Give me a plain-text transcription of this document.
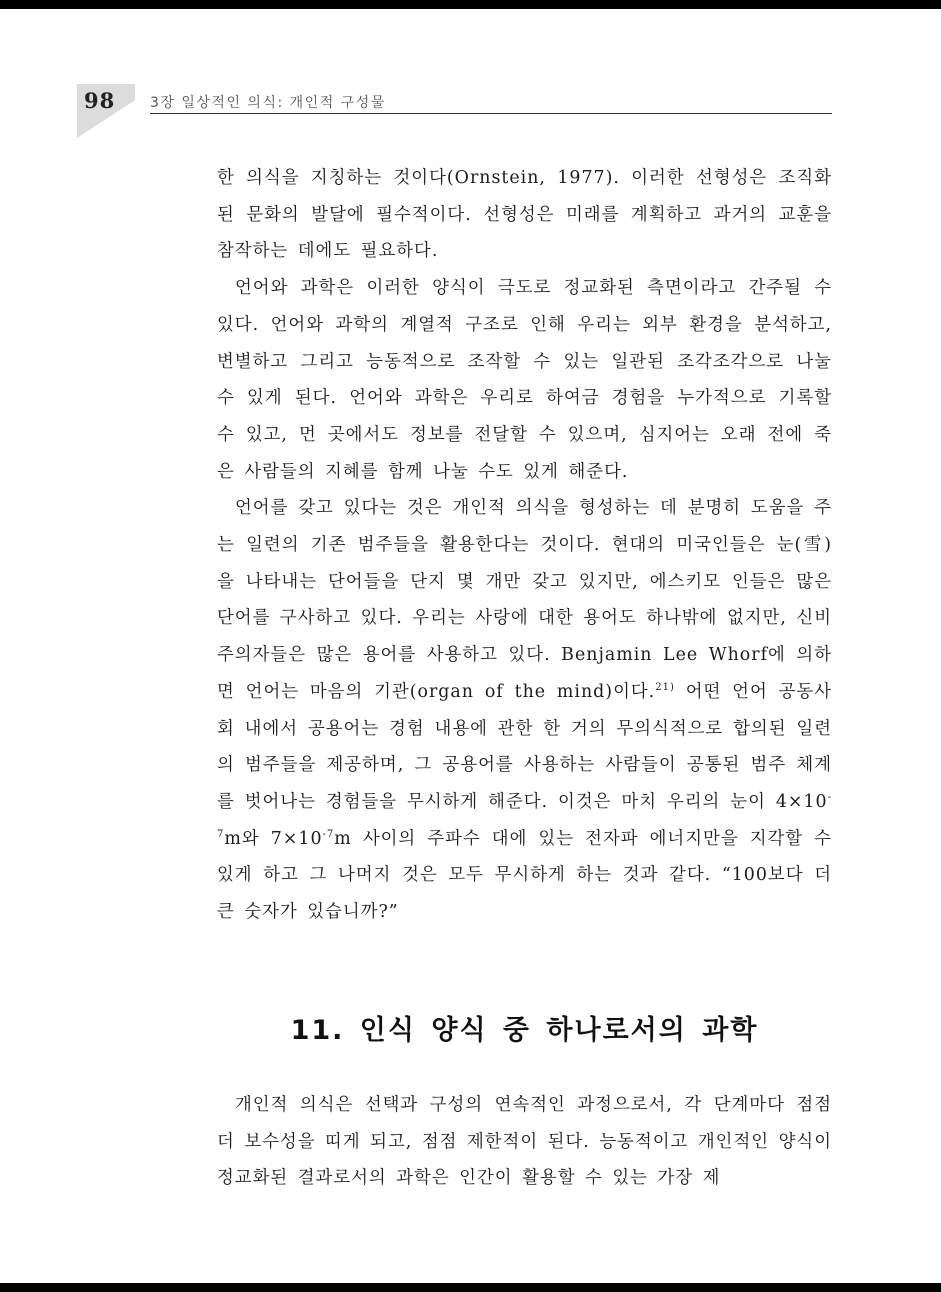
98 3장 일상적인 의식: 개인적 구성물

한 의식을 지칭하는 것이다(Ornstein, 1977). 이러한 선형성은 조직화된 문화의 발달에 필수적이다. 선형성은 미래를 계획하고 과거의 교훈을 참작하는 데에도 필요하다.

언어와 과학은 이러한 양식이 극도로 정교화된 측면이라고 간주될 수 있다. 언어와 과학의 계열적 구조로 인해 우리는 외부 환경을 분석하고, 변별하고 그리고 능동적으로 조작할 수 있는 일관된 조각조각으로 나눌 수 있게 된다. 언어와 과학은 우리로 하여금 경험을 누가적으로 기록할 수 있고, 먼 곳에서도 정보를 전달할 수 있으며, 심지어는 오래 전에 죽은 사람들의 지혜를 함께 나눌 수도 있게 해준다.

언어를 갖고 있다는 것은 개인적 의식을 형성하는 데 분명히 도움을 주는 일련의 기존 범주들을 활용한다는 것이다. 현대의 미국인들은 눈(雪)을 나타내는 단어들을 단지 몇 개만 갖고 있지만, 에스키모 인들은 많은 단어를 구사하고 있다. 우리는 사랑에 대한 용어도 하나밖에 없지만, 신비주의자들은 많은 용어를 사용하고 있다. Benjamin Lee Whorf에 의하면 언어는 마음의 기관(organ of the mind)이다.$^{21)}$ 어떤 언어 공동사회 내에서 공용어는 경험 내용에 관한 한 거의 무의식적으로 합의된 일련의 범주들을 제공하며, 그 공용어를 사용하는 사람들이 공통된 범주 체계를 벗어나는 경험들을 무시하게 해준다. 이것은 마치 우리의 눈이 $4\times 10^{-7}m$와 $7\times 10^{-7}m$ 사이의 주파수 대에 있는 전자파 에너지만을 지각할 수 있게 하고 그 나머지 것은 모두 무시하게 하는 것과 같다. “100보다 더 큰 숫자가 있습니까?”

11. 인식 양식 중 하나로서의 과학

개인적 의식은 선택과 구성의 연속적인 과정으로서, 각 단계마다 점점 더 보수성을 띠게 되고, 점점 제한적이 된다. 능동적이고 개인적인 양식이 정교화된 결과로서의 과학은 인간이 활용할 수 있는 가장 제
